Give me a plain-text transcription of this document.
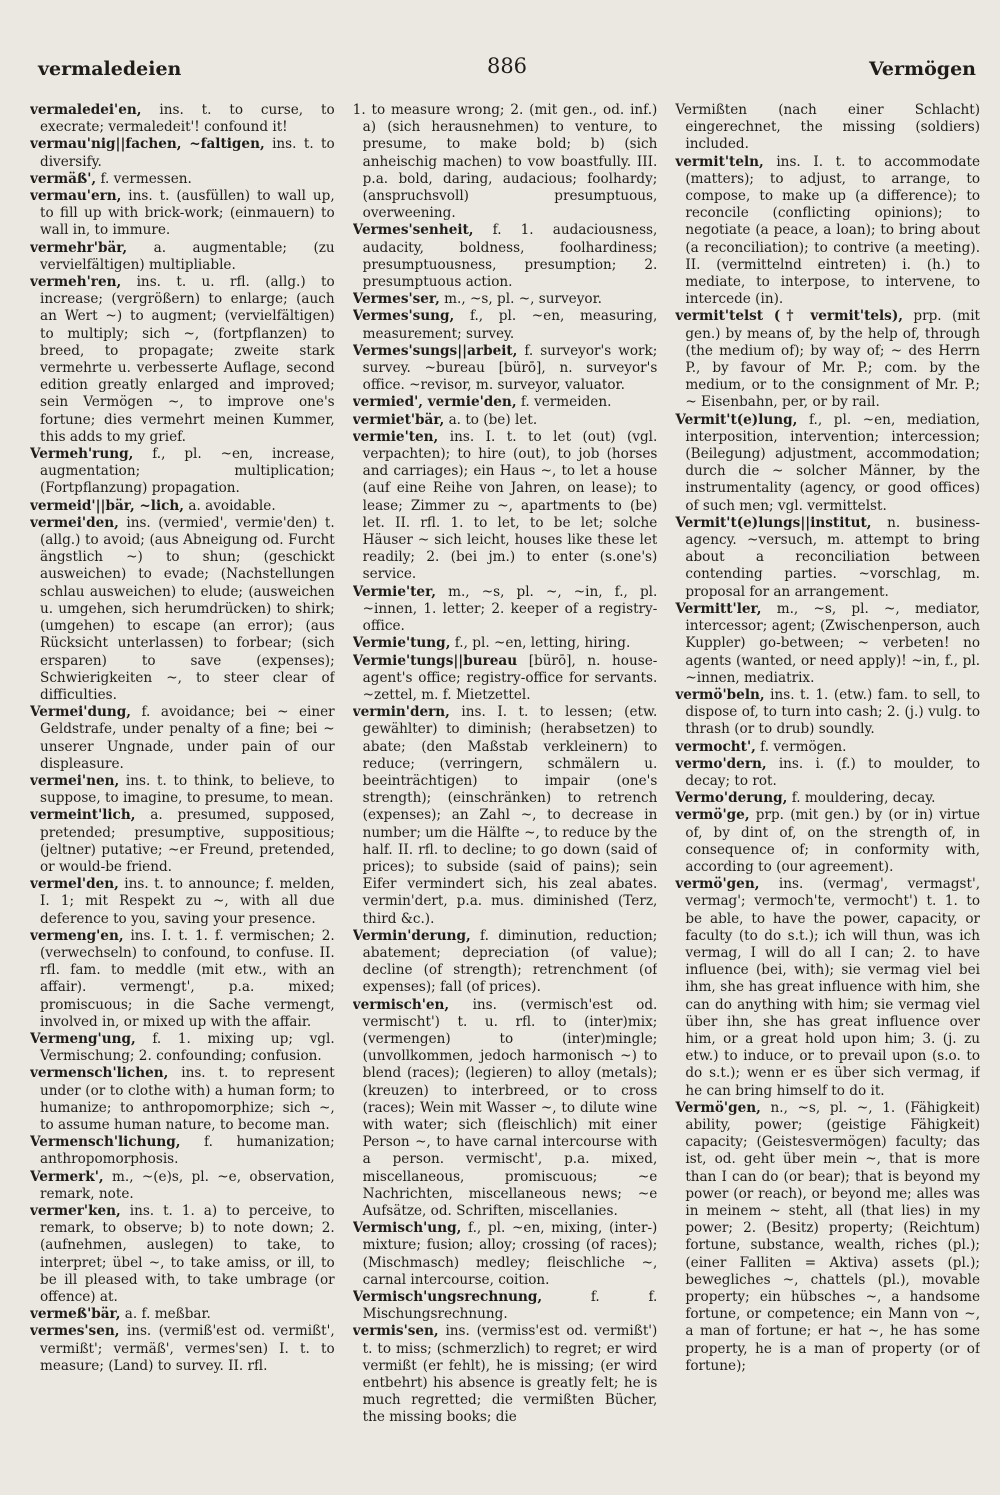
vermaledeien	886	Vermögen

vermaledei'en, ins. t. to curse, to execrate; vermaledeit'! confound it!

vermau'nig||fachen, ~faltigen, ins. t. to diversify.

vermäß', f. vermessen.

vermau'ern, ins. t. (ausfüllen) to wall up, to fill up with brick-work; (einmauern) to wall in, to immure.

vermehr'bär, a. augmentable; (zu vervielfältigen) multipliable.

vermeh'ren, ins. t. u. rfl. (allg.) to increase; (vergrößern) to enlarge; (auch an Wert ~) to augment; (vervielfältigen) to multiply; sich ~, (fortpflanzen) to breed, to propagate; zweite stark vermehrte u. verbesserte Auflage, second edition greatly enlarged and improved; sein Vermögen ~, to improve one's fortune; dies vermehrt meinen Kummer, this adds to my grief.

Vermeh'rung, f., pl. ~en, increase, augmentation; multiplication; (Fortpflanzung) propagation.

vermeid'||bär, ~lich, a. avoidable.

vermei'den, ins. (vermied', vermie'den) t. (allg.) to avoid; (aus Abneigung od. Furcht ängstlich ~) to shun; (geschickt ausweichen) to evade; (Nachstellungen schlau ausweichen) to elude; (ausweichen u. umgehen, sich herumdrücken) to shirk; (umgehen) to escape (an error); (aus Rücksicht unterlassen) to forbear; (sich ersparen) to save (expenses); Schwierigkeiten ~, to steer clear of difficulties.

Vermei'dung, f. avoidance; bei ~ einer Geldstrafe, under penalty of a fine; bei ~ unserer Ungnade, under pain of our displeasure.

vermei'nen, ins. t. to think, to believe, to suppose, to imagine, to presume, to mean.

vermeint'lich, a. presumed, supposed, pretended; presumptive, suppositious; (jeltner) putative; ~er Freund, pretended, or would-be friend.

vermel'den, ins. t. to announce; f. melden, I. 1; mit Respekt zu ~, with all due deference to you, saving your presence.

vermeng'en, ins. I. t. 1. f. vermischen; 2. (verwechseln) to confound, to confuse. II. rfl. fam. to meddle (mit etw., with an affair). vermengt', p.a. mixed; promiscuous; in die Sache vermengt, involved in, or mixed up with the affair.

Vermeng'ung, f. 1. mixing up; vgl. Vermischung; 2. confounding; confusion.

vermensch'lichen, ins. t. to represent under (or to clothe with) a human form; to humanize; to anthropomorphize; sich ~, to assume human nature, to become man.

Vermensch'lichung, f. humanization; anthropomorphosis.

Vermerk', m., ~(e)s, pl. ~e, observation, remark, note.

vermer'ken, ins. t. 1. a) to perceive, to remark, to observe; b) to note down; 2. (aufnehmen, auslegen) to take, to interpret; übel ~, to take amiss, or ill, to be ill pleased with, to take umbrage (or offence) at.

vermeß'bär, a. f. meßbar.

vermes'sen, ins. (vermiß'est od. vermißt', vermißt'; vermäß', vermes'sen) I. t. to measure; (Land) to survey. II. rfl.

1. to measure wrong; 2. (mit gen., od. inf.) a) (sich herausnehmen) to venture, to presume, to make bold; b) (sich anheischig machen) to vow boastfully. III. p.a. bold, daring, audacious; foolhardy; (anspruchsvoll) presumptuous, overweening.

Vermes'senheit, f. 1. audaciousness, audacity, boldness, foolhardiness; presumptuousness, presumption; 2. presumptuous action.

Vermes'ser, m., ~s, pl. ~, surveyor.

Vermes'sung, f., pl. ~en, measuring, measurement; survey.

Vermes'sungs||arbeit, f. surveyor's work; survey. ~bureau [bürō], n. surveyor's office. ~revisor, m. surveyor, valuator.

vermied', vermie'den, f. vermeiden.

vermiet'bär, a. to (be) let.

vermie'ten, ins. I. t. to let (out) (vgl. verpachten); to hire (out), to job (horses and carriages); ein Haus ~, to let a house (auf eine Reihe von Jahren, on lease); to lease; Zimmer zu ~, apartments to (be) let. II. rfl. 1. to let, to be let; solche Häuser ~ sich leicht, houses like these let readily; 2. (bei jm.) to enter (s.one's) service.

Vermie'ter, m., ~s, pl. ~, ~in, f., pl. ~innen, 1. letter; 2. keeper of a registry-office.

Vermie'tung, f., pl. ~en, letting, hiring.

Vermie'tungs||bureau [bürō], n. house-agent's office; registry-office for servants. ~zettel, m. f. Mietzettel.

vermin'dern, ins. I. t. to lessen; (etw. gewählter) to diminish; (herabsetzen) to abate; (den Maßstab verkleinern) to reduce; (verringern, schmälern u. beeinträchtigen) to impair (one's strength); (einschränken) to retrench (expenses); an Zahl ~, to decrease in number; um die Hälfte ~, to reduce by the half. II. rfl. to decline; to go down (said of prices); to subside (said of pains); sein Eifer vermindert sich, his zeal abates. vermin'dert, p.a. mus. diminished (Terz, third &c.).

Vermin'derung, f. diminution, reduction; abatement; depreciation (of value); decline (of strength); retrenchment (of expenses); fall (of prices).

vermisch'en, ins. (vermisch'est od. vermischt') t. u. rfl. to (inter)mix; (vermengen) to (inter)mingle; (unvollkommen, jedoch harmonisch ~) to blend (races); (legieren) to alloy (metals); (kreuzen) to interbreed, or to cross (races); Wein mit Wasser ~, to dilute wine with water; sich (fleischlich) mit einer Person ~, to have carnal intercourse with a person. vermischt', p.a. mixed, miscellaneous, promiscuous; ~e Nachrichten, miscellaneous news; ~e Aufsätze, od. Schriften, miscellanies.

Vermisch'ung, f., pl. ~en, mixing, (inter-) mixture; fusion; alloy; crossing (of races); (Mischmasch) medley; fleischliche ~, carnal intercourse, coition.

Vermisch'ungsrechnung, f. f. Mischungsrechnung.

vermis'sen, ins. (vermiss'est od. vermißt') t. to miss; (schmerzlich) to regret; er wird vermißt (er fehlt), he is missing; (er wird entbehrt) his absence is greatly felt; he is much regretted; die vermißten Bücher, the missing books; die

Vermißten (nach einer Schlacht) eingerechnet, the missing (soldiers) included.

vermit'teln, ins. I. t. to accommodate (matters); to adjust, to arrange, to compose, to make up (a difference); to reconcile (conflicting opinions); to negotiate (a peace, a loan); to bring about (a reconciliation); to contrive (a meeting). II. (vermittelnd eintreten) i. (h.) to mediate, to interpose, to intervene, to intercede (in).

vermit'telst († vermit'tels), prp. (mit gen.) by means of, by the help of, through (the medium of); by way of; ~ des Herrn P., by favour of Mr. P.; com. by the medium, or to the consignment of Mr. P.; ~ Eisenbahn, per, or by rail.

Vermit't(e)lung, f., pl. ~en, mediation, interposition, intervention; intercession; (Beilegung) adjustment, accommodation; durch die ~ solcher Männer, by the instrumentality (agency, or good offices) of such men; vgl. vermittelst.

Vermit't(e)lungs||institut, n. business-agency. ~versuch, m. attempt to bring about a reconciliation between contending parties. ~vorschlag, m. proposal for an arrangement.

Vermitt'ler, m., ~s, pl. ~, mediator, intercessor; agent; (Zwischenperson, auch Kuppler) go-between; ~ verbeten! no agents (wanted, or need apply)! ~in, f., pl. ~innen, mediatrix.

vermö'beln, ins. t. 1. (etw.) fam. to sell, to dispose of, to turn into cash; 2. (j.) vulg. to thrash (or to drub) soundly.

vermocht', f. vermögen.

vermo'dern, ins. i. (f.) to moulder, to decay; to rot.

Vermo'derung, f. mouldering, decay.

vermö'ge, prp. (mit gen.) by (or in) virtue of, by dint of, on the strength of, in consequence of; in conformity with, according to (our agreement).

vermö'gen, ins. (vermag', vermagst', vermag'; vermoch'te, vermocht') t. 1. to be able, to have the power, capacity, or faculty (to do s.t.); ich will thun, was ich vermag, I will do all I can; 2. to have influence (bei, with); sie vermag viel bei ihm, she has great influence with him, she can do anything with him; sie vermag viel über ihn, she has great influence over him, or a great hold upon him; 3. (j. zu etw.) to induce, or to prevail upon (s.o. to do s.t.); wenn er es über sich vermag, if he can bring himself to do it.

Vermö'gen, n., ~s, pl. ~, 1. (Fähigkeit) ability, power; (geistige Fähigkeit) capacity; (Geistesvermögen) faculty; das ist, od. geht über mein ~, that is more than I can do (or bear); that is beyond my power (or reach), or beyond me; alles was in meinem ~ steht, all (that lies) in my power; 2. (Besitz) property; (Reichtum) fortune, substance, wealth, riches (pl.); (einer Falliten = Aktiva) assets (pl.); bewegliches ~, chattels (pl.), movable property; ein hübsches ~, a handsome fortune, or competence; ein Mann von ~, a man of fortune; er hat ~, he has some property, he is a man of property (or of fortune);
